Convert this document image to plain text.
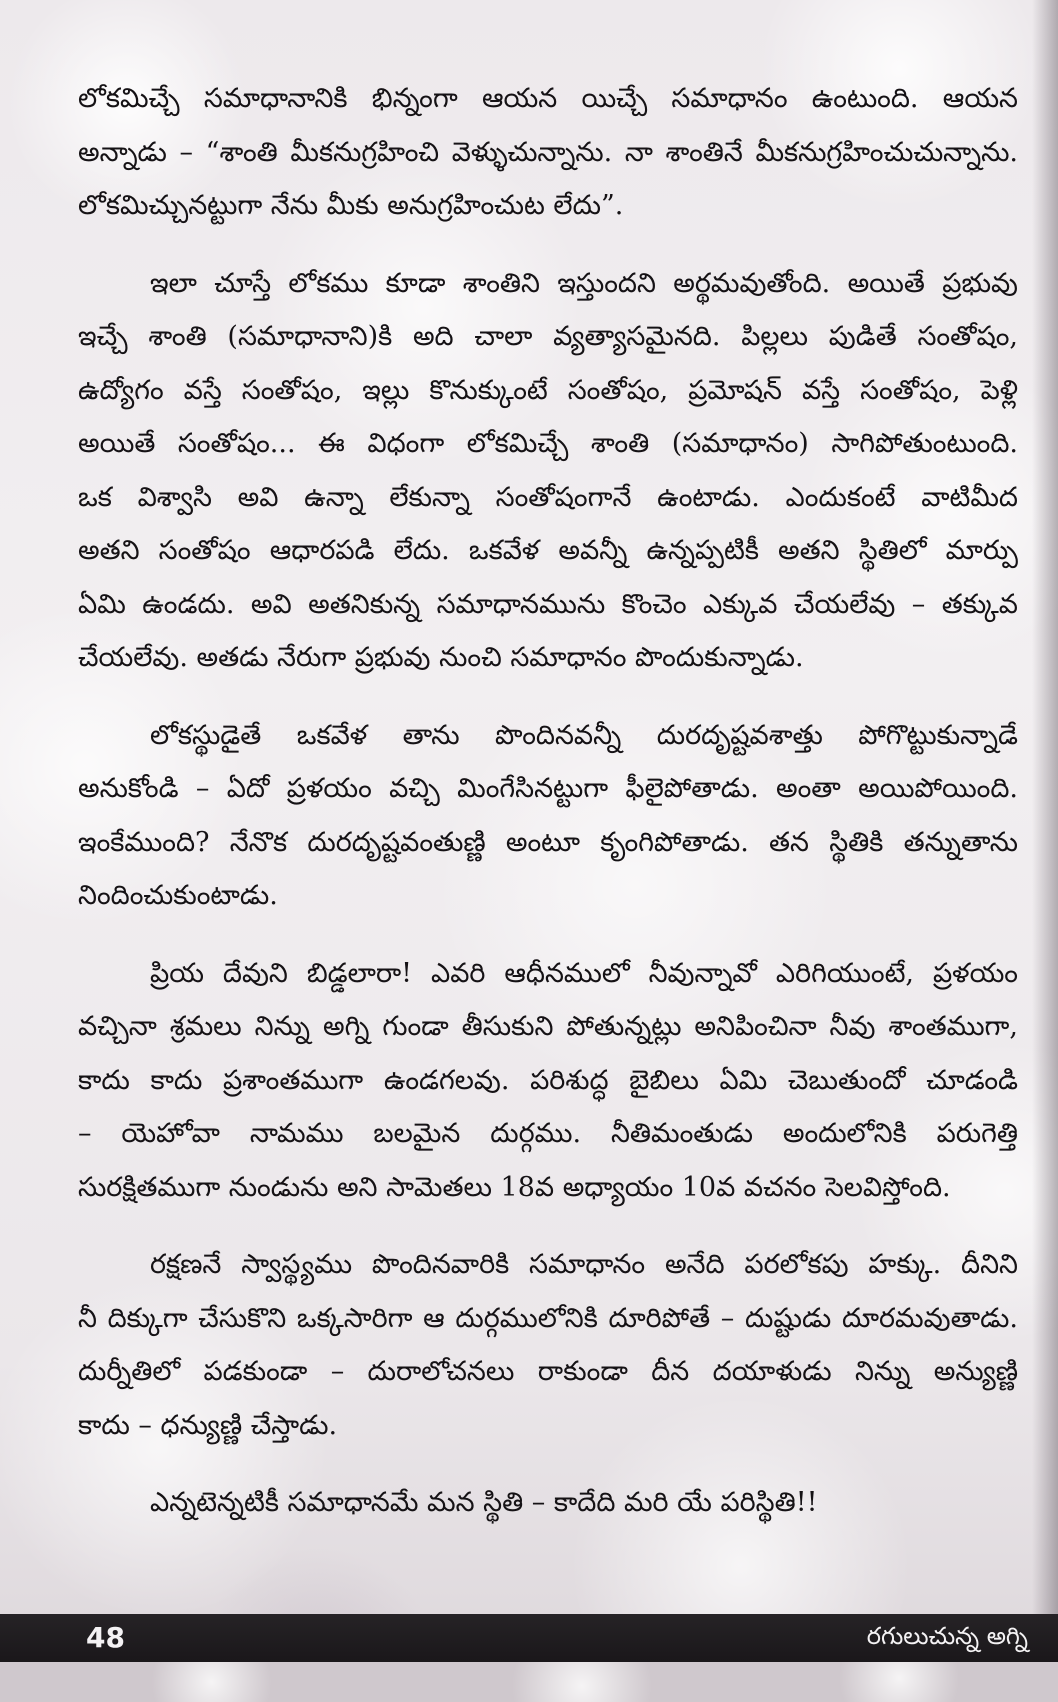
లోకమిచ్చే సమాధానానికి భిన్నంగా ఆయన యిచ్చే సమాధానం ఉంటుంది. ఆయన
అన్నాడు – “శాంతి మీకనుగ్రహించి వెళ్ళుచున్నాను. నా శాంతినే మీకనుగ్రహించుచున్నాను.
లోకమిచ్చునట్టుగా నేను మీకు అనుగ్రహించుట లేదు”.

ఇలా చూస్తే లోకము కూడా శాంతిని ఇస్తుందని అర్థమవుతోంది. అయితే ప్రభువు
ఇచ్చే శాంతి (సమాధానాని)కి అది చాలా వ్యత్యాసమైనది. పిల్లలు పుడితే సంతోషం,
ఉద్యోగం వస్తే సంతోషం, ఇల్లు కొనుక్కుంటే సంతోషం, ప్రమోషన్ వస్తే సంతోషం, పెళ్లి
అయితే సంతోషం... ఈ విధంగా లోకమిచ్చే శాంతి (సమాధానం) సాగిపోతుంటుంది.
ఒక విశ్వాసి అవి ఉన్నా లేకున్నా సంతోషంగానే ఉంటాడు. ఎందుకంటే వాటిమీద
అతని సంతోషం ఆధారపడి లేదు. ఒకవేళ అవన్నీ ఉన్నప్పటికీ అతని స్థితిలో మార్పు
ఏమి ఉండదు. అవి అతనికున్న సమాధానమును కొంచెం ఎక్కువ చేయలేవు – తక్కువ
చేయలేవు. అతడు నేరుగా ప్రభువు నుంచి సమాధానం పొందుకున్నాడు.

లోకస్థుడైతే ఒకవేళ తాను పొందినవన్నీ దురదృష్టవశాత్తు పోగొట్టుకున్నాడే
అనుకోండి – ఏదో ప్రళయం వచ్చి మింగేసినట్టుగా ఫీలైపోతాడు. అంతా అయిపోయింది.
ఇంకేముంది? నేనొక దురదృష్టవంతుణ్ణి అంటూ కృంగిపోతాడు. తన స్థితికి తన్నుతాను
నిందించుకుంటాడు.

ప్రియ దేవుని బిడ్డలారా! ఎవరి ఆధీనములో నీవున్నావో ఎరిగియుంటే, ప్రళయం
వచ్చినా శ్రమలు నిన్ను అగ్ని గుండా తీసుకుని పోతున్నట్లు అనిపించినా నీవు శాంతముగా,
కాదు కాదు ప్రశాంతముగా ఉండగలవు. పరిశుద్ధ బైబిలు ఏమి చెబుతుందో చూడండి
– యెహోవా నామము బలమైన దుర్గము. నీతిమంతుడు అందులోనికి పరుగెత్తి
సురక్షితముగా నుండును అని సామెతలు 18వ అధ్యాయం 10వ వచనం సెలవిస్తోంది.

రక్షణనే స్వాస్థ్యము పొందినవారికి సమాధానం అనేది పరలోకపు హక్కు. దీనిని
నీ దిక్కుగా చేసుకొని ఒక్కసారిగా ఆ దుర్గములోనికి దూరిపోతే – దుష్టుడు దూరమవుతాడు.
దుర్నీతిలో పడకుండా – దురాలోచనలు రాకుండా దీన దయాళుడు నిన్ను అన్యుణ్ణి
కాదు – ధన్యుణ్ణి చేస్తాడు.

ఎన్నటెన్నటికీ సమాధానమే మన స్థితి – కాదేది మరి యే పరిస్థితి!!

48	రగులుచున్న అగ్ని
